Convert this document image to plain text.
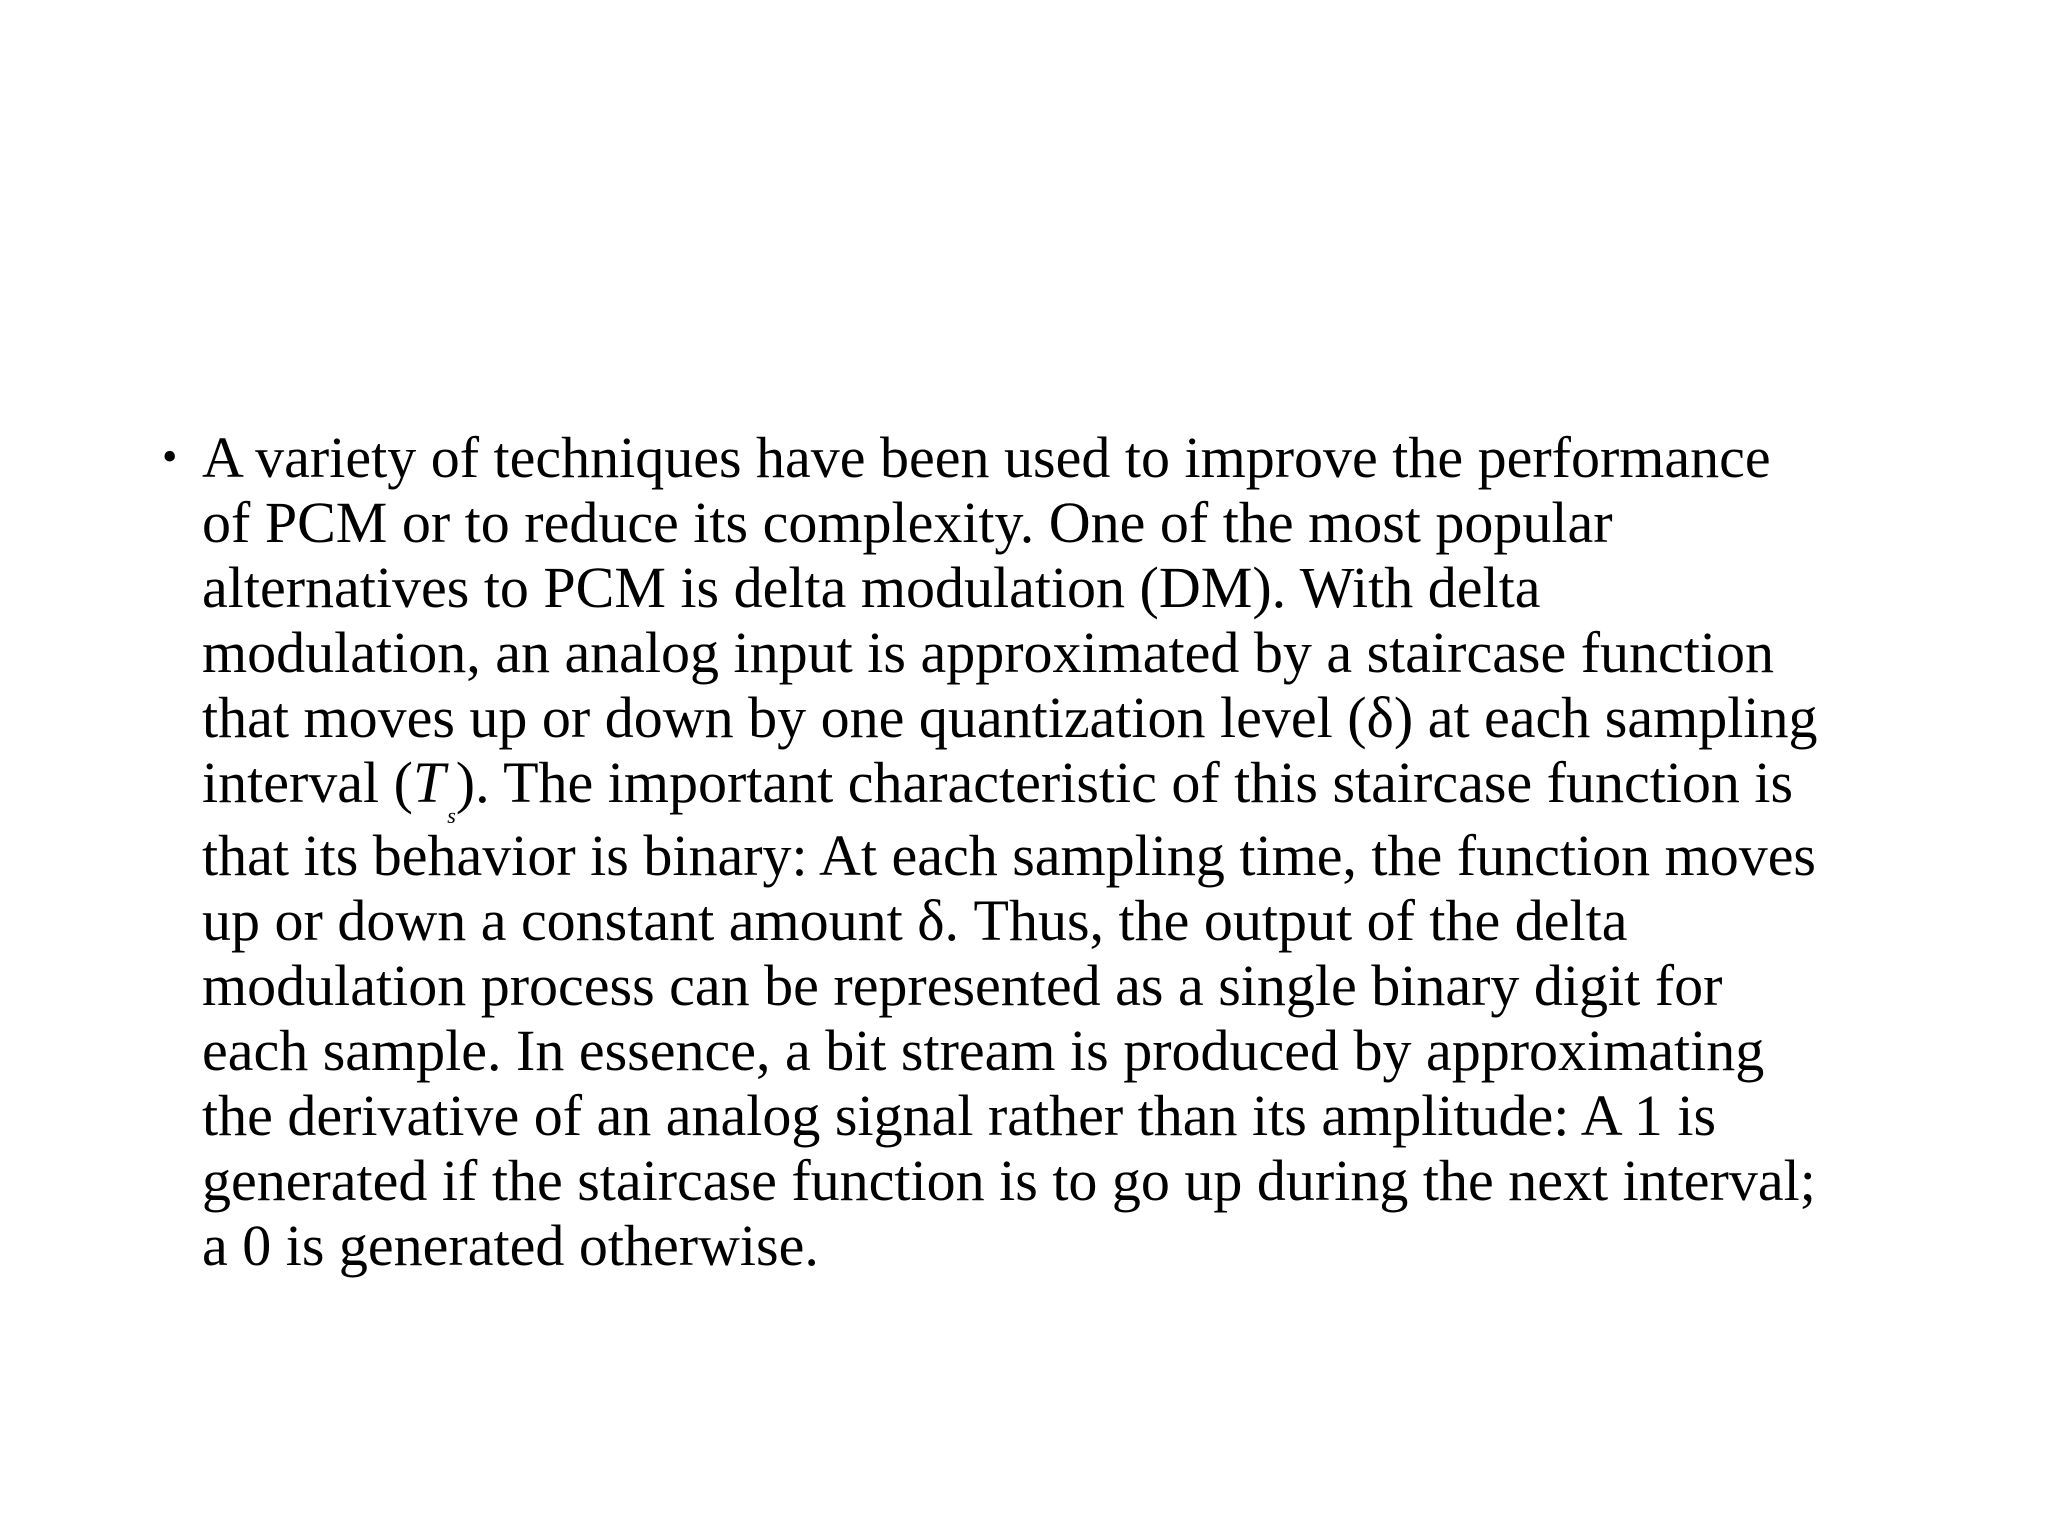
• A variety of techniques have been used to improve the performance
of PCM or to reduce its complexity. One of the most popular
alternatives to PCM is delta modulation (DM). With delta
modulation, an analog input is approximated by a staircase function
that moves up or down by one quantization level (δ) at each sampling
interval $(T_s)$. The important characteristic of this staircase function is
that its behavior is binary: At each sampling time, the function moves
up or down a constant amount δ. Thus, the output of the delta
modulation process can be represented as a single binary digit for
each sample. In essence, a bit stream is produced by approximating
the derivative of an analog signal rather than its amplitude: A 1 is
generated if the staircase function is to go up during the next interval;
a 0 is generated otherwise.
